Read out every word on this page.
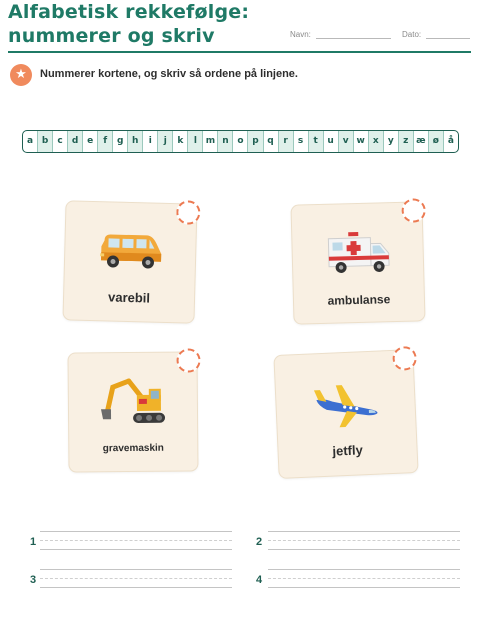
Alfabetisk rekkefølge:
nummerer og skriv	Navn:	Dato:
★	Nummerer kortene, og skriv så ordene på linjene.
a b	c	d e	f	g h	i	j	k	l m n o p q	r	s	t	u v w x	y	z æ ø å
varebil	ambulanse
gravemaskin	jetfly
1	2
3	4
